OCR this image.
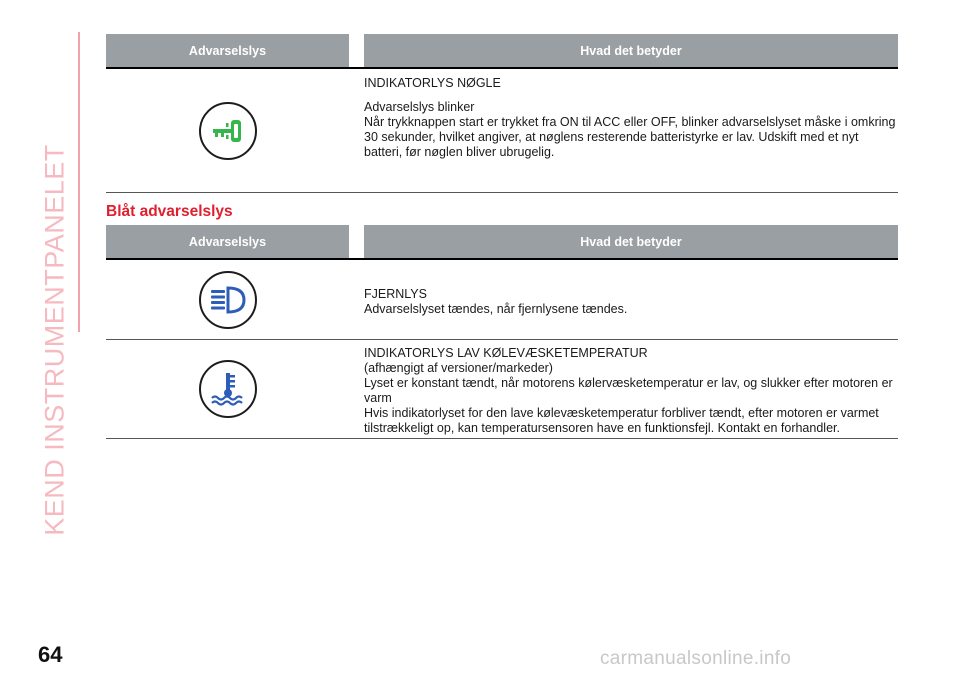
KEND INSTRUMENTPANELET
Advarselslys	Hvad det betyder

INDIKATORLYS NØGLE

Advarselslys blinker

Når trykknappen start er trykket fra ON til ACC eller OFF, blinker advarselslyset måske i omkring 30 sekunder, hvilket angiver, at nøglens resterende batteristyrke er lav. Udskift med et nyt batteri, før nøglen bliver ubrugelig.

Blåt advarselslys
Advarselslys	Hvad det betyder

FJERNLYS

Advarselslyset tændes, når fjernlysene tændes.

INDIKATORLYS LAV KØLEVÆSKETEMPERATUR

(afhængigt af versioner/markeder)

Lyset er konstant tændt, når motorens kølervæsketemperatur er lav, og slukker efter motoren er varm

Hvis indikatorlyset for den lave kølevæsketemperatur forbliver tændt, efter motoren er varmet tilstrækkeligt op, kan temperatursensoren have en funktionsfejl. Kontakt en forhandler.

64	carmanualsonline.info
